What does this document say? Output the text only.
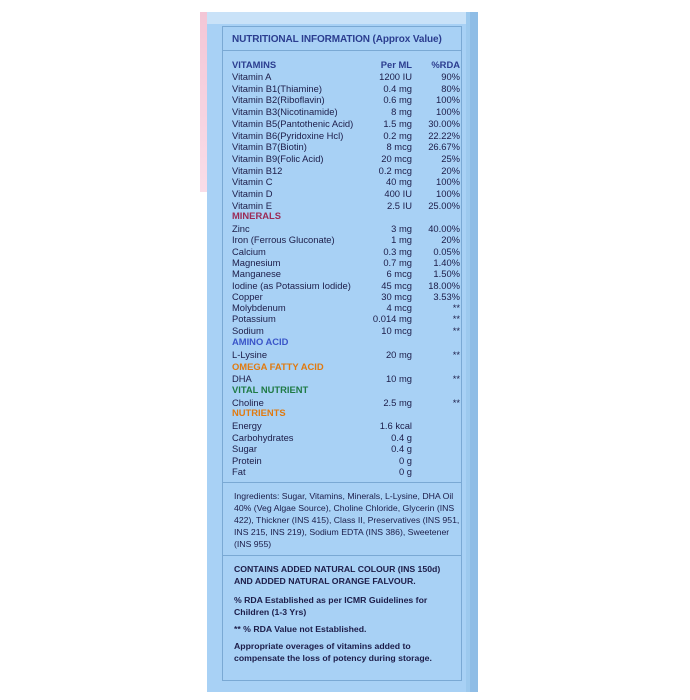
NUTRITIONAL INFORMATION (Approx Value)
VITAMINS	Per ML	%RDA
Vitamin A	1200 IU	90%
Vitamin B1(Thiamine)	0.4 mg	80%
Vitamin B2(Riboflavin)	0.6 mg	100%
Vitamin B3(Nicotinamide)	8 mg	100%
Vitamin B5(Pantothenic Acid)	1.5 mg	30.00%
Vitamin B6(Pyridoxine Hcl)	0.2 mg	22.22%
Vitamin B7(Biotin)	8 mcg	26.67%
Vitamin B9(Folic Acid)	20 mcg	25%
Vitamin B12	0.2 mcg	20%
Vitamin C	40 mg	100%
Vitamin D	400 IU	100%
Vitamin E	2.5 IU	25.00%
MINERALS
Zinc	3 mg	40.00%
Iron (Ferrous Gluconate)	1 mg	20%
Calcium	0.3 mg	0.05%
Magnesium	0.7 mg	1.40%
Manganese	6 mcg	1.50%
Iodine (as Potassium Iodide)	45 mcg	18.00%
Copper	30 mcg	3.53%
Molybdenum	4 mcg	**
Potassium	0.014 mg	**
Sodium	10 mcg	**
AMINO ACID
L-Lysine	20 mg	**
OMEGA FATTY ACID
DHA	10 mg	**
VITAL NUTRIENT
Choline	2.5 mg	**
NUTRIENTS
Energy	1.6 kcal
Carbohydrates	0.4 g
Sugar	0.4 g
Protein	0 g
Fat	0 g
Ingredients: Sugar, Vitamins, Minerals, L-Lysine, DHA Oil 40% (Veg Algae Source), Choline Chloride, Glycerin (INS 422), Thickner (INS 415), Class II, Preservatives (INS 951, INS 215, INS 219), Sodium EDTA (INS 386), Sweetener (INS 955)
CONTAINS ADDED NATURAL COLOUR (INS 150d) AND ADDED NATURAL ORANGE FALVOUR.
% RDA Established as per ICMR Guidelines for Children (1-3 Yrs)
** % RDA Value not Established.
Appropriate overages of vitamins added to compensate the loss of potency during storage.
